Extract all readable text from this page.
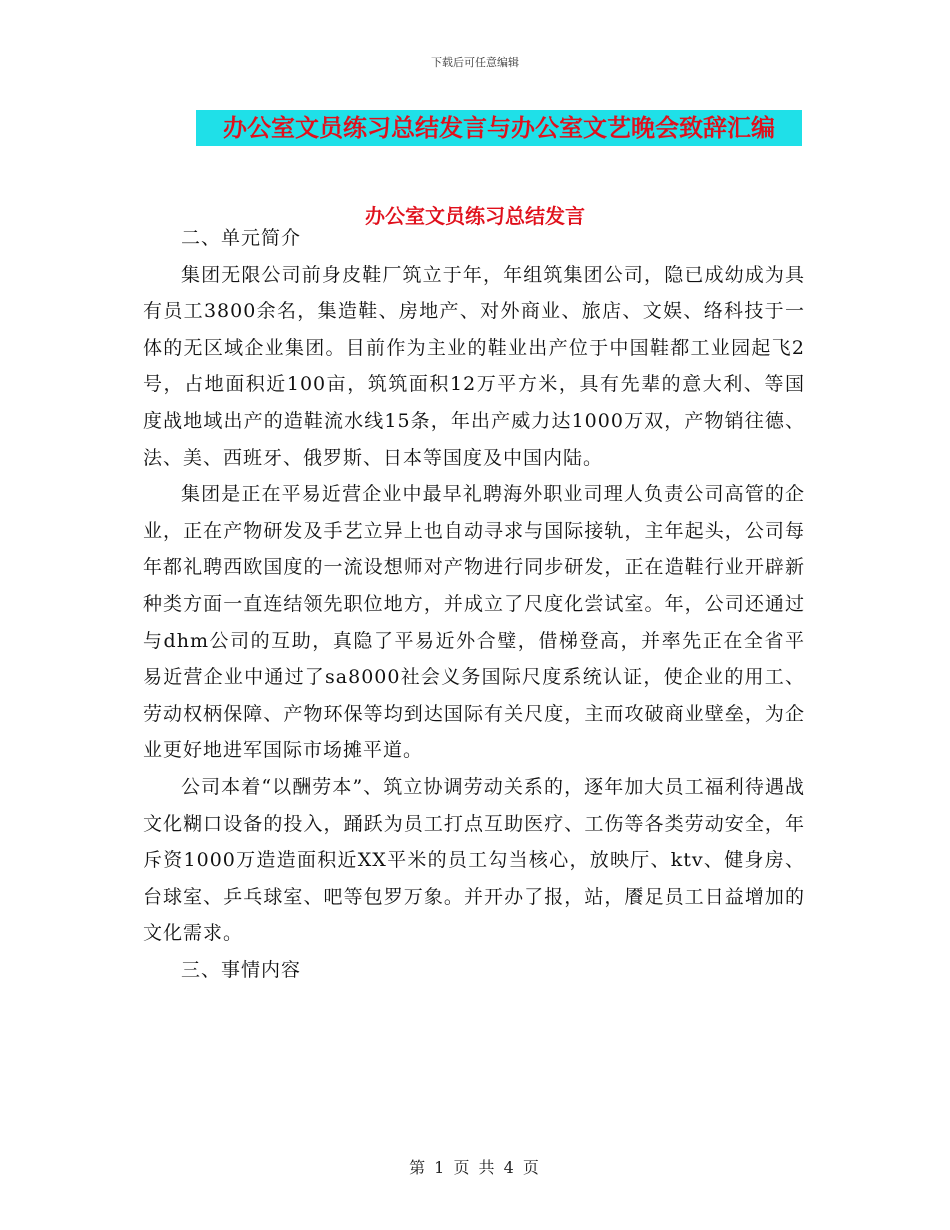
下载后可任意编辑
办公室文员练习总结发言与办公室文艺晚会致辞汇编
办公室文员练习总结发言

二、单元简介

集团无限公司前身皮鞋厂筑立于年，年组筑集团公司，隐已成幼成为具有员工3800余名，集造鞋、房地产、对外商业、旅店、文娱、络科技于一体的无区域企业集团。目前作为主业的鞋业出产位于中国鞋都工业园起飞2号，占地面积近100亩，筑筑面积12万平方米，具有先辈的意大利、等国度战地域出产的造鞋流水线15条，年出产威力达1000万双，产物销往德、法、美、西班牙、俄罗斯、日本等国度及中国内陆。

集团是正在平易近营企业中最早礼聘海外职业司理人负责公司高管的企业，正在产物研发及手艺立异上也自动寻求与国际接轨，主年起头，公司每年都礼聘西欧国度的一流设想师对产物进行同步研发，正在造鞋行业开辟新种类方面一直连结领先职位地方，并成立了尺度化尝试室。年，公司还通过与dhm公司的互助，真隐了平易近外合璧，借梯登高，并率先正在全省平易近营企业中通过了sa8000社会义务国际尺度系统认证，使企业的用工、劳动权柄保障、产物环保等均到达国际有关尺度，主而攻破商业壁垒，为企业更好地进军国际市场摊平道。

公司本着“以酬劳本”、筑立协调劳动关系的，逐年加大员工福利待遇战文化糊口设备的投入，踊跃为员工打点互助医疗、工伤等各类劳动安全，年斥资1000万造造面积近XX平米的员工勾当核心，放映厅、ktv、健身房、台球室、乒乓球室、吧等包罗万象。并开办了报，站，餍足员工日益增加的文化需求。

三、事情内容

第 1 页 共 4 页
